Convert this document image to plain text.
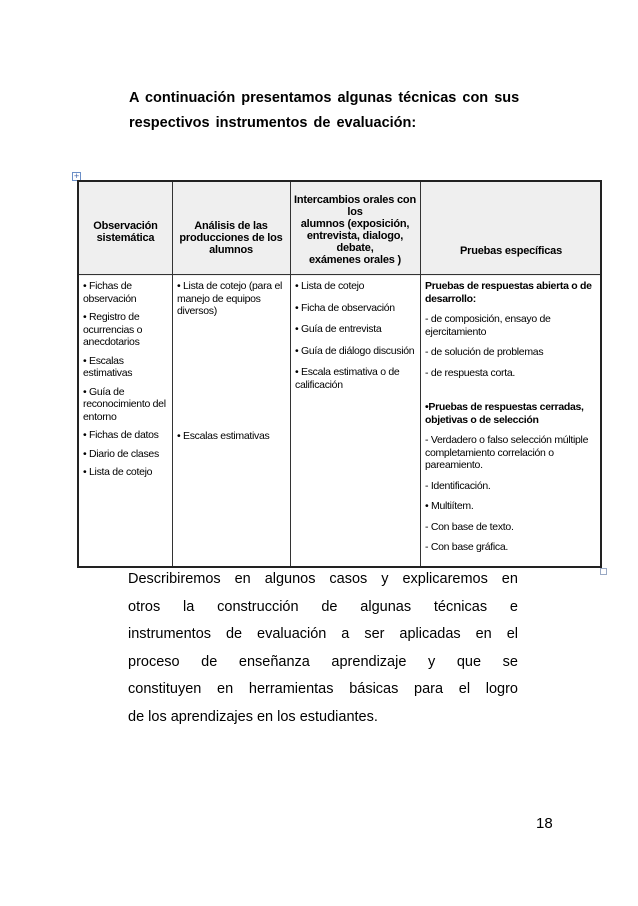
A continuación presentamos algunas técnicas con sus
respectivos instrumentos de evaluación:
+
Observación
sistemática
Análisis de las
producciones de los alumnos
Intercambios orales con los
alumnos (exposición,
entrevista, dialogo, debate,
exámenes orales )
Pruebas específicas
• Fichas de observación
• Registro de ocurrencias o anecdotarios
• Escalas estimativas
• Guía de reconocimiento del entorno
• Fichas de datos
• Diario de clases
• Lista de cotejo
• Lista de cotejo (para el manejo de equipos diversos)
• Escalas estimativas
• Lista de cotejo
• Ficha de observación
• Guía de entrevista
• Guía de diálogo discusión
• Escala estimativa o de calificación
Pruebas de respuestas abierta o de desarrollo:
- de composición, ensayo de ejercitamiento
- de solución de problemas
- de respuesta corta.
•Pruebas de respuestas cerradas, objetivas o de selección
- Verdadero o falso selección múltiple completamiento correlación o pareamiento.
- Identificación.
• Multiítem.
- Con base de texto.
- Con base gráfica.
Describiremos en algunos casos y explicaremos en
otros la construcción de algunas técnicas e
instrumentos de evaluación a ser aplicadas en el
proceso de enseñanza aprendizaje y que se
constituyen en herramientas básicas para el logro
de los aprendizajes en los estudiantes.
18
